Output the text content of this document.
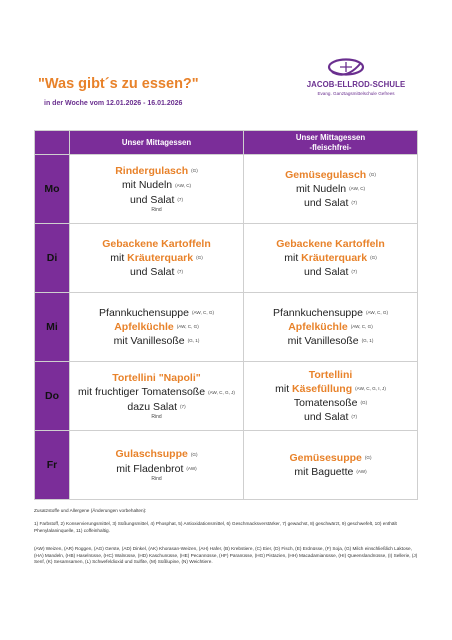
"Was gibt´s zu essen?"
in der Woche vom 12.01.2026 - 16.01.2026
JACOB-ELLROD-SCHULE
Evang. Ganztagsmittelschule Gefrees
	Unser Mittagessen	Unser Mittagessen
-fleischfrei-

Mo	Rindergulasch (G)
mit Nudeln (AW, C)
und Salat (7)
Rind	Gemüsegulasch (G)
mit Nudeln (AW, C)
und Salat (7)

Di	Gebackene Kartoffeln
mit Kräuterquark (G)
und Salat (7)	Gebackene Kartoffeln
mit Kräuterquark (G)
und Salat (7)

Mi	Pfannkuchensuppe (AW, C, G)
Apfelküchle (AW, C, G)
mit Vanillesoße (G, 1)	Pfannkuchensuppe (AW, C, G)
Apfelküchle (AW, C, G)
mit Vanillesoße (G, 1)

Do	Tortellini "Napoli"
mit fruchtiger Tomatensoße (AW, C, G, J)
dazu Salat (7)
Rind	Tortellini
mit Käsefüllung (AW, C, G, I, J)
Tomatensoße (G)
und Salat (7)

Fr	Gulaschsuppe (G)
mit Fladenbrot (AW)
Rind	Gemüsesuppe (G)
mit Baguette (AW)
Zusatzstoffe und Allergene (Änderungen vorbehalten):
1) Farbstoff, 2) Konservierungsmittel, 3) Süßungsmittel, 4) Phosphat, 5) Antioxidationsmittel, 6) Geschmacksverstärker, 7) gewachst, 8) geschwärzt, 9) geschwefelt, 10) enthält Phenylalaninquelle, 11) coffeinhaltig.
(AW) Weizen, (AR) Roggen, (AG) Gerste, (AD) Dinkel, (AK) Khorasan-Weizen, (AH) Hafer, (B) Krebstiere, (C) Eier, (D) Fisch, (E) Erdnüsse, (F) Soja, (G) Milch einschließlich Laktose, (HA) Mandeln, (HB) Haselnüsse, (HC) Walnüsse, (HD) Kaschunüsse, (HE) Pecannüsse, (HF) Paranüsse, (HG) Pistazien, (HH) Macadamianüsse, (HI) Queenslandnüsse, (I) Sellerie, (J) Senf, (K) Sesamsamen, (L) Schwefeldioxid und Sulfite, (M) Süßlupine, (N) Weichtiere.
